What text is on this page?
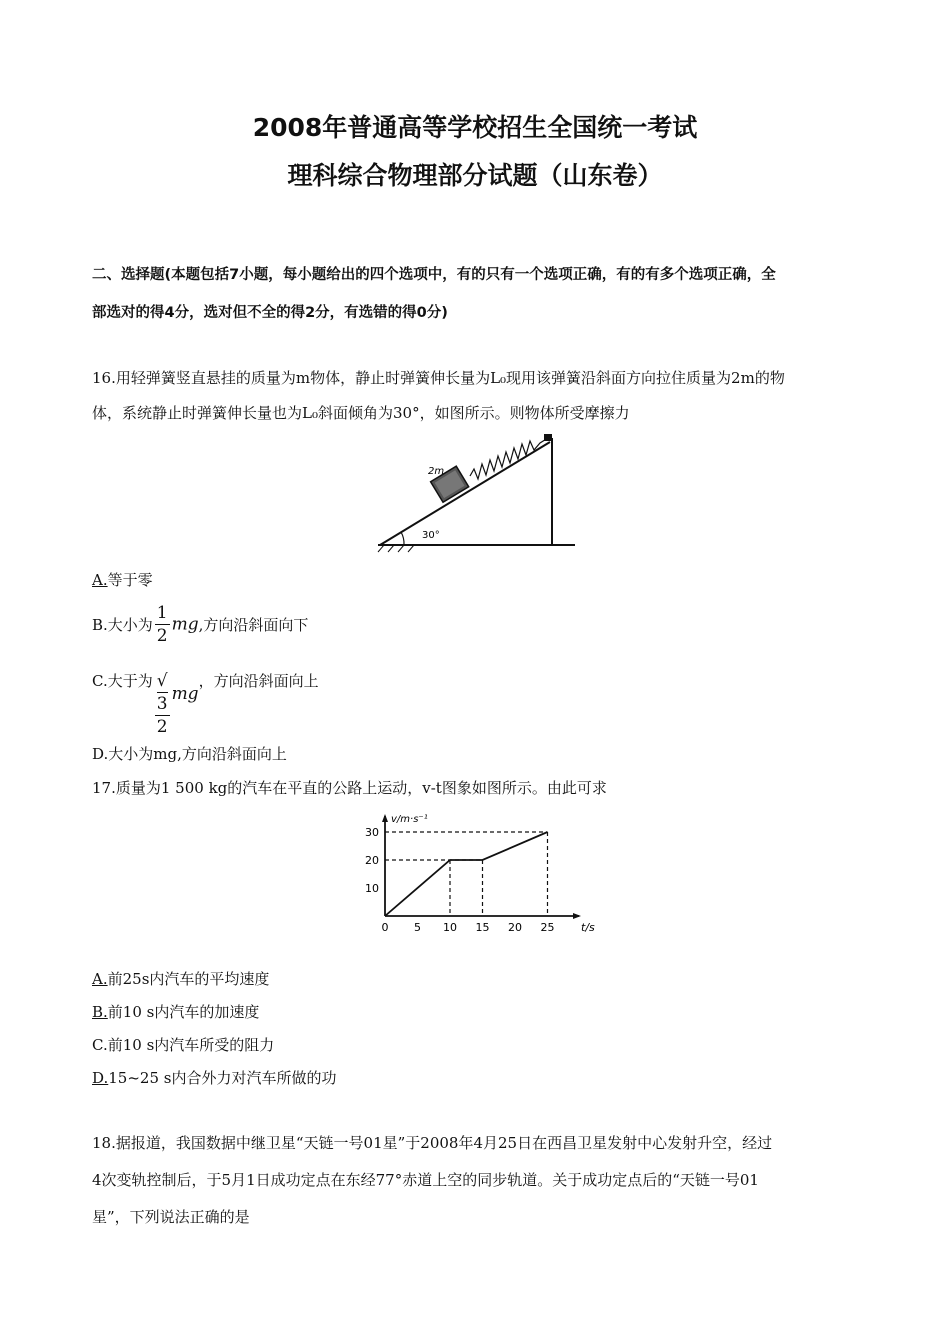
2008年普通高等学校招生全国统一考试
理科综合物理部分试题（山东卷）
二、选择题(本题包括7小题，每小题给出的四个选项中，有的只有一个选项正确，有的有多个选项正确，全
部选对的得4分，选对但不全的得2分，有选错的得0分)
16.用轻弹簧竖直悬挂的质量为m物体，静止时弹簧伸长量为L₀现用该弹簧沿斜面方向拉住质量为2m的物
体，系统静止时弹簧伸长量也为L₀斜面倾角为30°，如图所示。则物体所受摩擦力
30°
2m
A.等于零
B.大小为 $\frac{1}{2}$ mg,方向沿斜面向下
C.大于为 √
3
2 mg，方向沿斜面向上
D.大小为mg,方向沿斜面向上
17.质量为1 500 kg的汽车在平直的公路上运动，v-t图象如图所示。由此可求
v/m·s⁻¹
t/s
0 5 10 15 20 25
10
20
30
A.前25s内汽车的平均速度
B.前10 s内汽车的加速度
C.前10 s内汽车所受的阻力
D.15~25 s内合外力对汽车所做的功
18.据报道，我国数据中继卫星“天链一号01星”于2008年4月25日在西昌卫星发射中心发射升空，经过
4次变轨控制后，于5月1日成功定点在东经77°赤道上空的同步轨道。关于成功定点后的“天链一号01
星”，下列说法正确的是
